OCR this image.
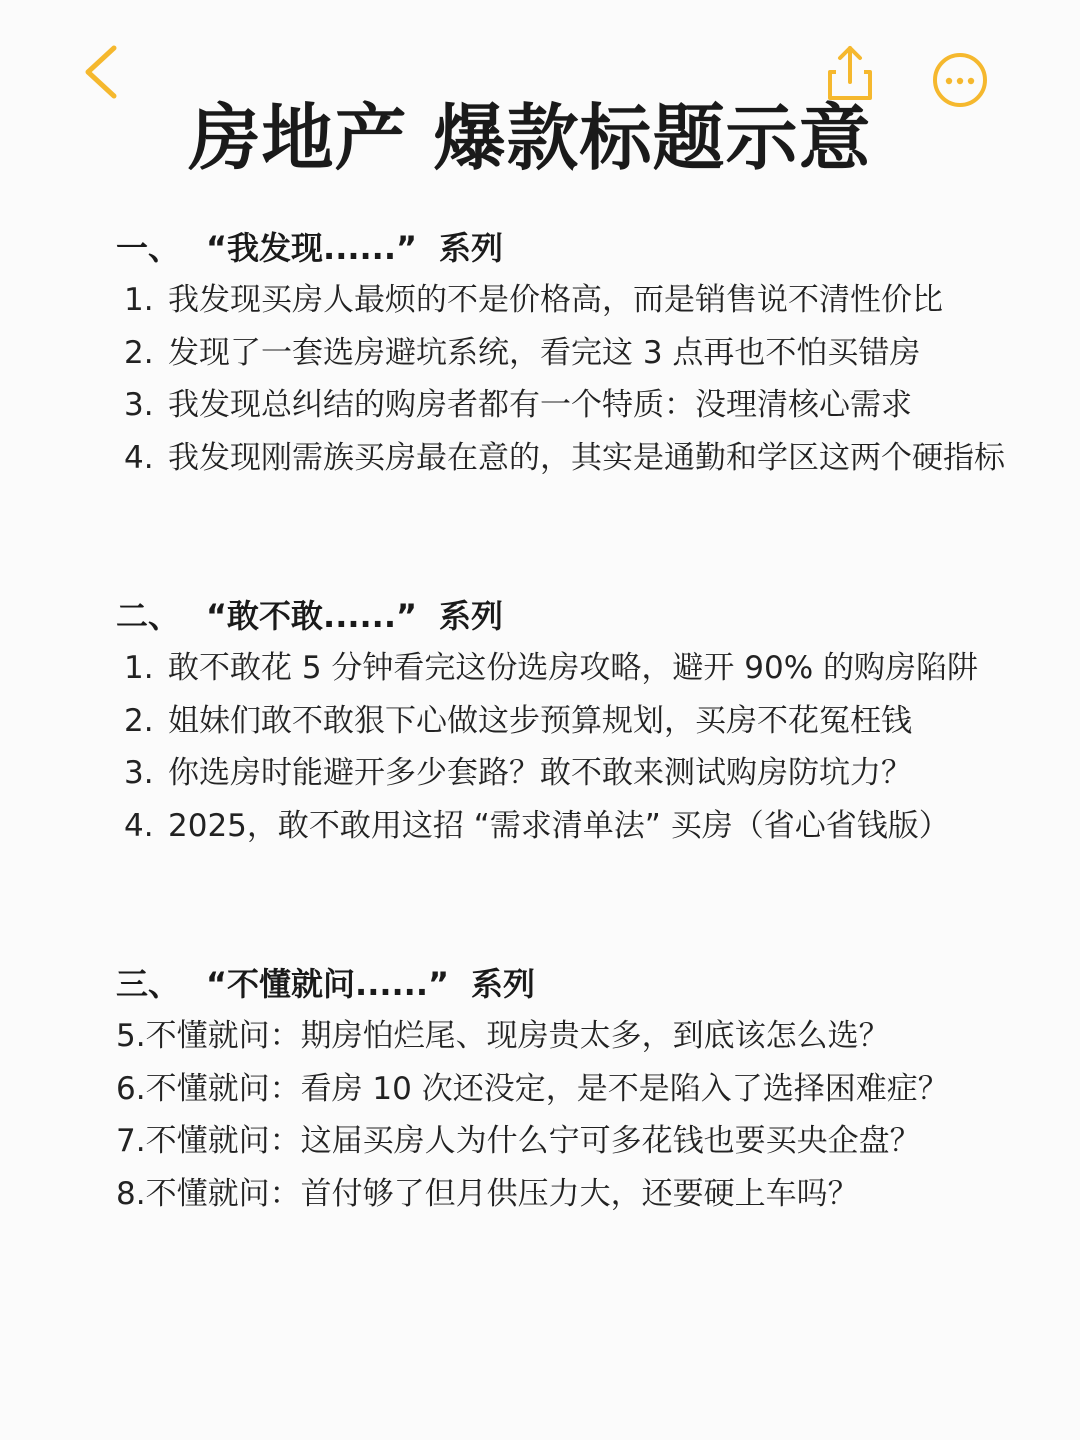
房地产 爆款标题示意
一、 “我发现......” 系列
1. 我发现买房人最烦的不是价格高，而是销售说不清性价比
2. 发现了一套选房避坑系统，看完这 3 点再也不怕买错房
3. 我发现总纠结的购房者都有一个特质：没理清核心需求
4. 我发现刚需族买房最在意的，其实是通勤和学区这两个硬指标
二、 “敢不敢......” 系列
1. 敢不敢花 5 分钟看完这份选房攻略，避开 90% 的购房陷阱
2. 姐妹们敢不敢狠下心做这步预算规划，买房不花冤枉钱
3. 你选房时能避开多少套路？敢不敢来测试购房防坑力？
4. 2025，敢不敢用这招 “需求清单法” 买房（省心省钱版）
三、 “不懂就问......” 系列
5.不懂就问：期房怕烂尾、现房贵太多，到底该怎么选？
6.不懂就问：看房 10 次还没定，是不是陷入了选择困难症？
7.不懂就问：这届买房人为什么宁可多花钱也要买央企盘？
8.不懂就问：首付够了但月供压力大，还要硬上车吗？
